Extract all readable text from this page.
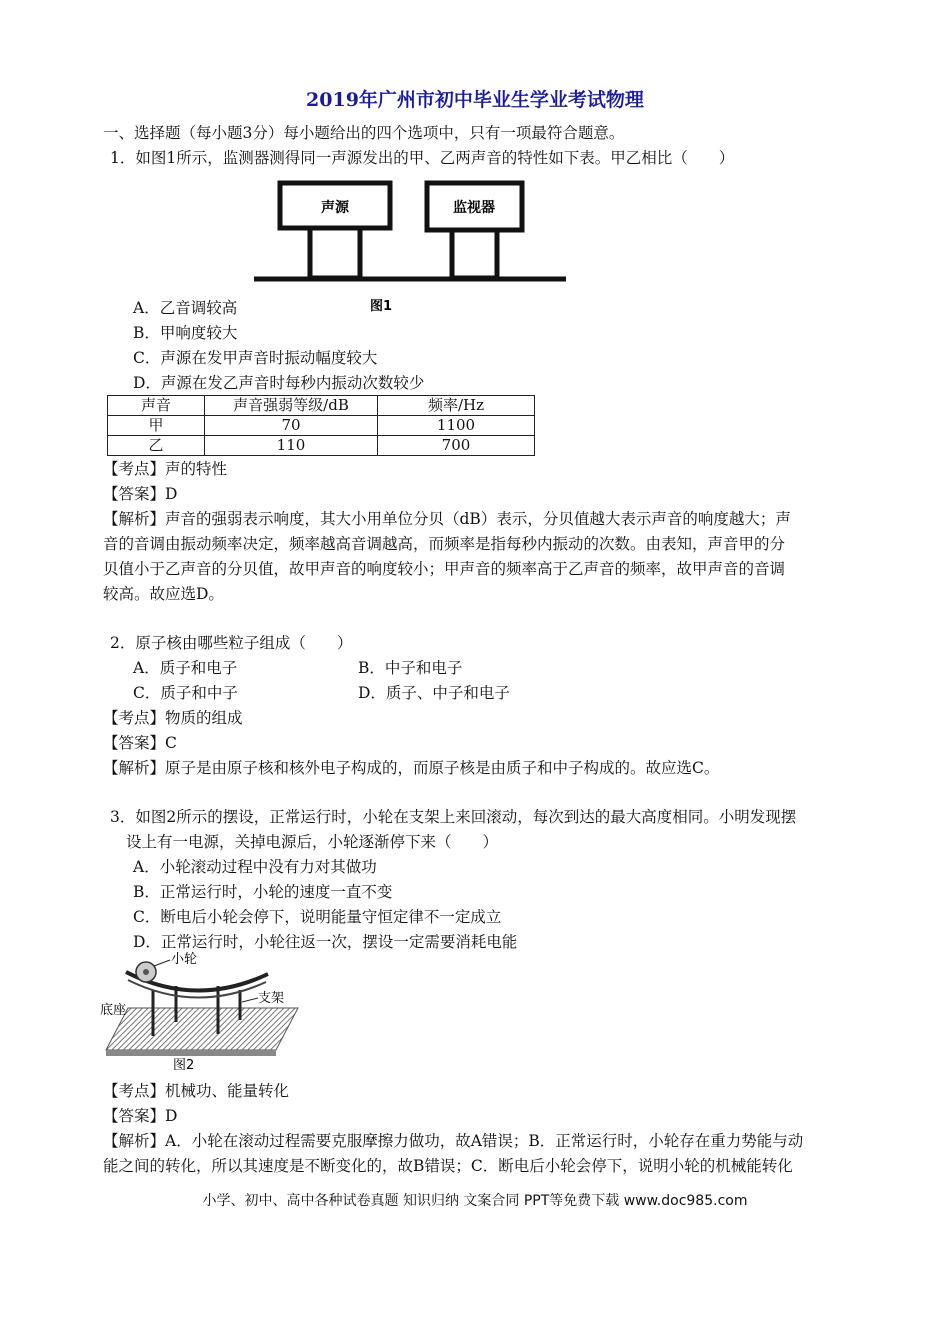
2019年广州市初中毕业生学业考试物理
一、选择题（每小题3分）每小题给出的四个选项中，只有一项最符合题意。
1．如图1所示，监测器测得同一声源发出的甲、乙两声音的特性如下表。甲乙相比（　　）
声源	监视器
图1
A．乙音调较高
B．甲响度较大
C．声源在发甲声音时振动幅度较大
D．声源在发乙声音时每秒内振动次数较少
声音	声音强弱等级/dB	频率/Hz
甲	70	1100
乙	110	700
【考点】声的特性
【答案】D
【解析】声音的强弱表示响度，其大小用单位分贝（dB）表示，分贝值越大表示声音的响度越大；声
音的音调由振动频率决定，频率越高音调越高，而频率是指每秒内振动的次数。由表知，声音甲的分
贝值小于乙声音的分贝值，故甲声音的响度较小；甲声音的频率高于乙声音的频率，故甲声音的音调
较高。故应选D。
2．原子核由哪些粒子组成（　　）
A．质子和电子	B．中子和电子
C．质子和中子	D．质子、中子和电子
【考点】物质的组成
【答案】C
【解析】原子是由原子核和核外电子构成的，而原子核是由质子和中子构成的。故应选C。
3．如图2所示的摆设，正常运行时，小轮在支架上来回滚动，每次到达的最大高度相同。小明发现摆
设上有一电源，关掉电源后，小轮逐渐停下来（　　）
A．小轮滚动过程中没有力对其做功
B．正常运行时，小轮的速度一直不变
C．断电后小轮会停下，说明能量守恒定律不一定成立
D．正常运行时，小轮往返一次，摆设一定需要消耗电能
小轮
底座
支架
图2
【考点】机械功、能量转化
【答案】D
【解析】A．小轮在滚动过程需要克服摩擦力做功，故A错误；B．正常运行时，小轮存在重力势能与动
能之间的转化，所以其速度是不断变化的，故B错误；C．断电后小轮会停下，说明小轮的机械能转化
小学、初中、高中各种试卷真题 知识归纳 文案合同 PPT等免费下载 www.doc985.com
